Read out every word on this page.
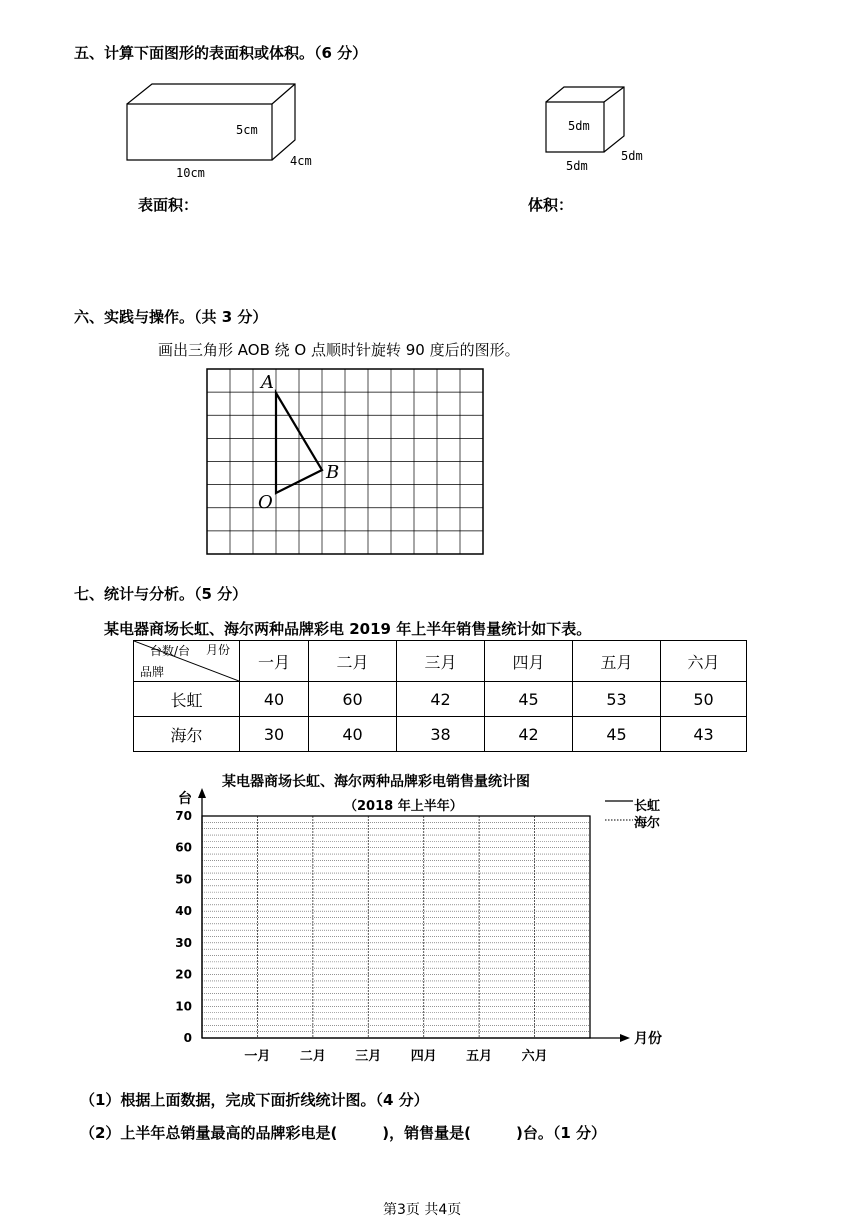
五、计算下面图形的表面积或体积。（6 分）
5cm
10cm
4cm
5dm
5dm
5dm
表面积：	体积：
六、实践与操作。（共 3 分）
画出三角形 AOB 绕 O 点顺时针旋转 90 度后的图形。
A
B
O
七、统计与分析。（5 分）
某电器商场长虹、海尔两种品牌彩电 2019 年上半年销售量统计如下表。
台数/台 月份
品牌	一月	二月	三月	四月	五月	六月
长虹	40	60	42	45	53	50
海尔	30	40	38	42	45	43
某电器商场长虹、海尔两种品牌彩电销售量统计图
（2018 年上半年）
0
10
20
30
40
50
60
70
一月 二月 三月 四月 五月 六月
长虹
海尔
台
月份
（1）根据上面数据，完成下面折线统计图。（4 分）
（2）上半年总销量最高的品牌彩电是(　　　)，销售量是(　　　)台。（1 分）
第3页 共4页
